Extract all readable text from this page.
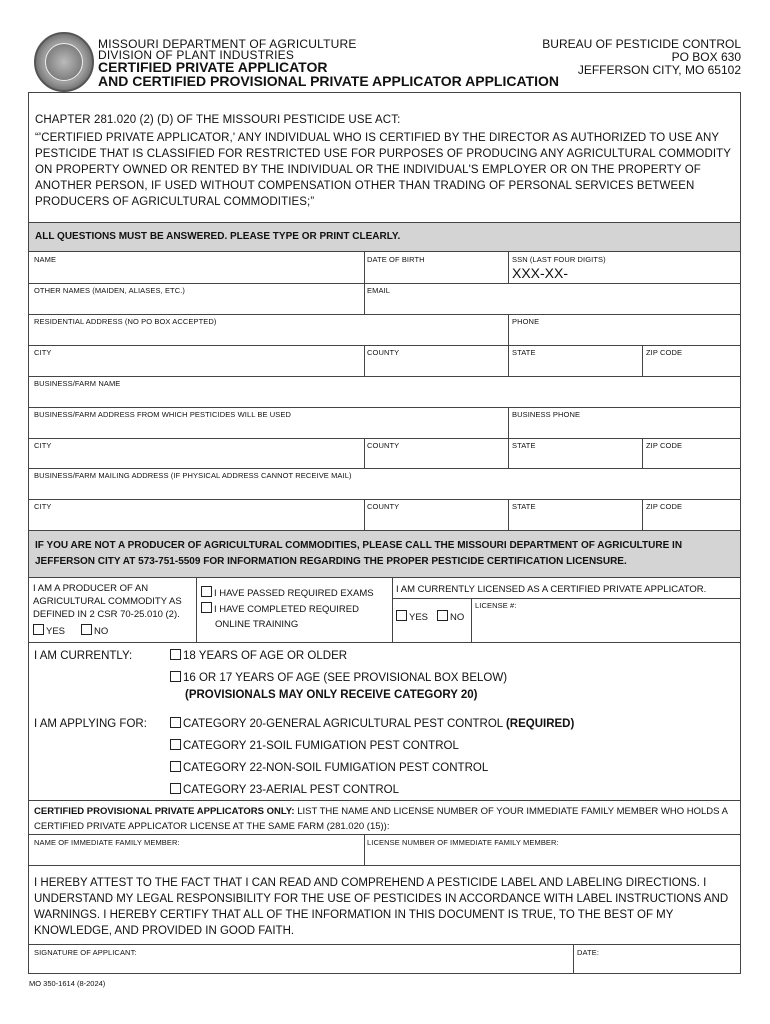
MISSOURI DEPARTMENT OF AGRICULTURE
DIVISION OF PLANT INDUSTRIES
CERTIFIED PRIVATE APPLICATOR
AND CERTIFIED PROVISIONAL PRIVATE APPLICATOR APPLICATION
BUREAU OF PESTICIDE CONTROL
PO BOX 630
JEFFERSON CITY, MO 65102
CHAPTER 281.020 (2) (D) OF THE MISSOURI PESTICIDE USE ACT:
“'CERTIFIED PRIVATE APPLICATOR,' ANY INDIVIDUAL WHO IS CERTIFIED BY THE DIRECTOR AS AUTHORIZED TO USE ANY PESTICIDE THAT IS CLASSIFIED FOR RESTRICTED USE FOR PURPOSES OF PRODUCING ANY AGRICULTURAL COMMODITY ON PROPERTY OWNED OR RENTED BY THE INDIVIDUAL OR THE INDIVIDUAL'S EMPLOYER OR ON THE PROPERTY OF ANOTHER PERSON, IF USED WITHOUT COMPENSATION OTHER THAN TRADING OF PERSONAL SERVICES BETWEEN PRODUCERS OF AGRICULTURAL COMMODITIES;”
ALL QUESTIONS MUST BE ANSWERED. PLEASE TYPE OR PRINT CLEARLY.
NAME	DATE OF BIRTH	SSN (LAST FOUR DIGITS)
XXX-XX-
OTHER NAMES (MAIDEN, ALIASES, ETC.)	EMAIL
RESIDENTIAL ADDRESS (NO PO BOX ACCEPTED)	PHONE
CITY	COUNTY	STATE	ZIP CODE
BUSINESS/FARM NAME
BUSINESS/FARM ADDRESS FROM WHICH PESTICIDES WILL BE USED	BUSINESS PHONE
CITY	COUNTY	STATE	ZIP CODE
BUSINESS/FARM MAILING ADDRESS (IF PHYSICAL ADDRESS CANNOT RECEIVE MAIL)
CITY	COUNTY	STATE	ZIP CODE
IF YOU ARE NOT A PRODUCER OF AGRICULTURAL COMMODITIES, PLEASE CALL THE MISSOURI DEPARTMENT OF AGRICULTURE IN JEFFERSON CITY AT 573-751-5509 FOR INFORMATION REGARDING THE PROPER PESTICIDE CERTIFICATION LICENSURE.
I AM A PRODUCER OF AN AGRICULTURAL COMMODITY AS DEFINED IN 2 CSR 70-25.010 (2).
YES	NO
I HAVE PASSED REQUIRED EXAMS
I HAVE COMPLETED REQUIRED
ONLINE TRAINING
I AM CURRENTLY LICENSED AS A CERTIFIED PRIVATE APPLICATOR.
YES	NO
LICENSE #:
I AM CURRENTLY:	18 YEARS OF AGE OR OLDER
16 OR 17 YEARS OF AGE (SEE PROVISIONAL BOX BELOW)
(PROVISIONALS MAY ONLY RECEIVE CATEGORY 20)
I AM APPLYING FOR:	CATEGORY 20-GENERAL AGRICULTURAL PEST CONTROL (REQUIRED)
CATEGORY 21-SOIL FUMIGATION PEST CONTROL
CATEGORY 22-NON-SOIL FUMIGATION PEST CONTROL
CATEGORY 23-AERIAL PEST CONTROL
CERTIFIED PROVISIONAL PRIVATE APPLICATORS ONLY: LIST THE NAME AND LICENSE NUMBER OF YOUR IMMEDIATE FAMILY MEMBER WHO HOLDS A CERTIFIED PRIVATE APPLICATOR LICENSE AT THE SAME FARM (281.020 (15)):
NAME OF IMMEDIATE FAMILY MEMBER:	LICENSE NUMBER OF IMMEDIATE FAMILY MEMBER:
I HEREBY ATTEST TO THE FACT THAT I CAN READ AND COMPREHEND A PESTICIDE LABEL AND LABELING DIRECTIONS. I UNDERSTAND MY LEGAL RESPONSIBILITY FOR THE USE OF PESTICIDES IN ACCORDANCE WITH LABEL INSTRUCTIONS AND WARNINGS. I HEREBY CERTIFY THAT ALL OF THE INFORMATION IN THIS DOCUMENT IS TRUE, TO THE BEST OF MY KNOWLEDGE, AND PROVIDED IN GOOD FAITH.
SIGNATURE OF APPLICANT:	DATE:
MO 350-1614 (8-2024)
